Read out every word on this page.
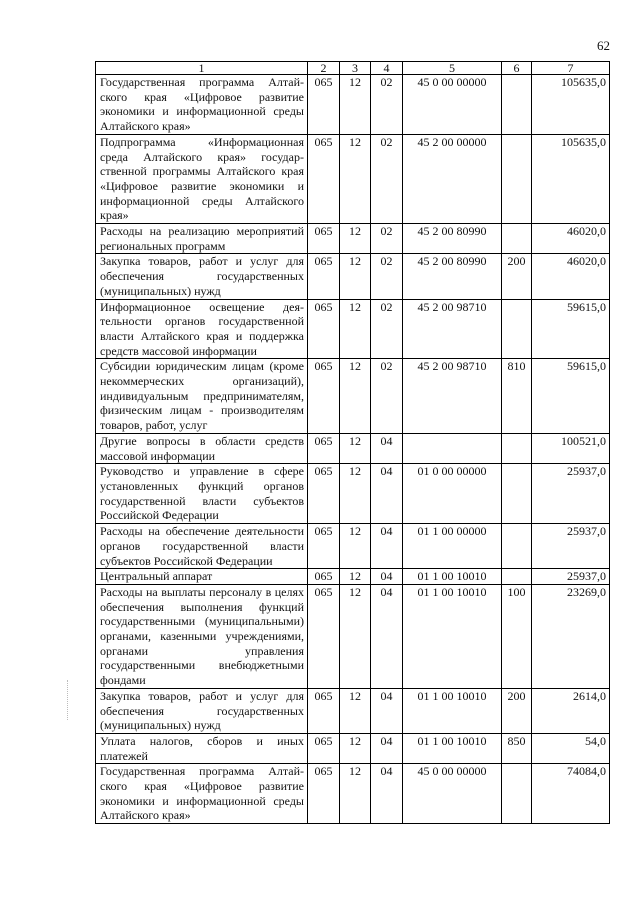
62
1	2	3	4	5	6	7
Государственная программа Алтайского края «Цифровое развитие экономики и информационной среды Алтайского края»	065	12	02	45 0 00 00000		105635,0
Подпрограмма «Информационная среда Алтайского края» государственной программы Алтайского края «Цифровое развитие экономики и информационной среды Алтайского края»	065	12	02	45 2 00 00000		105635,0
Расходы на реализацию мероприятий региональных программ	065	12	02	45 2 00 80990		46020,0
Закупка товаров, работ и услуг для обеспечения государственных (муниципальных) нужд	065	12	02	45 2 00 80990	200	46020,0
Информационное освещение деятельности органов государственной власти Алтайского края и поддержка средств массовой информации	065	12	02	45 2 00 98710		59615,0
Субсидии юридическим лицам (кроме некоммерческих организаций), индивидуальным предпринимателям, физическим лицам - производителям товаров, работ, услуг	065	12	02	45 2 00 98710	810	59615,0
Другие вопросы в области средств массовой информации	065	12	04			100521,0
Руководство и управление в сфере установленных функций органов государственной власти субъектов Российской Федерации	065	12	04	01 0 00 00000		25937,0
Расходы на обеспечение деятельности органов государственной власти субъектов Российской Федерации	065	12	04	01 1 00 00000		25937,0
Центральный аппарат	065	12	04	01 1 00 10010		25937,0
Расходы на выплаты персоналу в целях обеспечения выполнения функций государственными (муниципальными) органами, казенными учреждениями, органами управления государственными внебюджетными фондами	065	12	04	01 1 00 10010	100	23269,0
Закупка товаров, работ и услуг для обеспечения государственных (муниципальных) нужд	065	12	04	01 1 00 10010	200	2614,0
Уплата налогов, сборов и иных платежей	065	12	04	01 1 00 10010	850	54,0
Государственная программа Алтайского края «Цифровое развитие экономики и информационной среды Алтайского края»	065	12	04	45 0 00 00000		74084,0
